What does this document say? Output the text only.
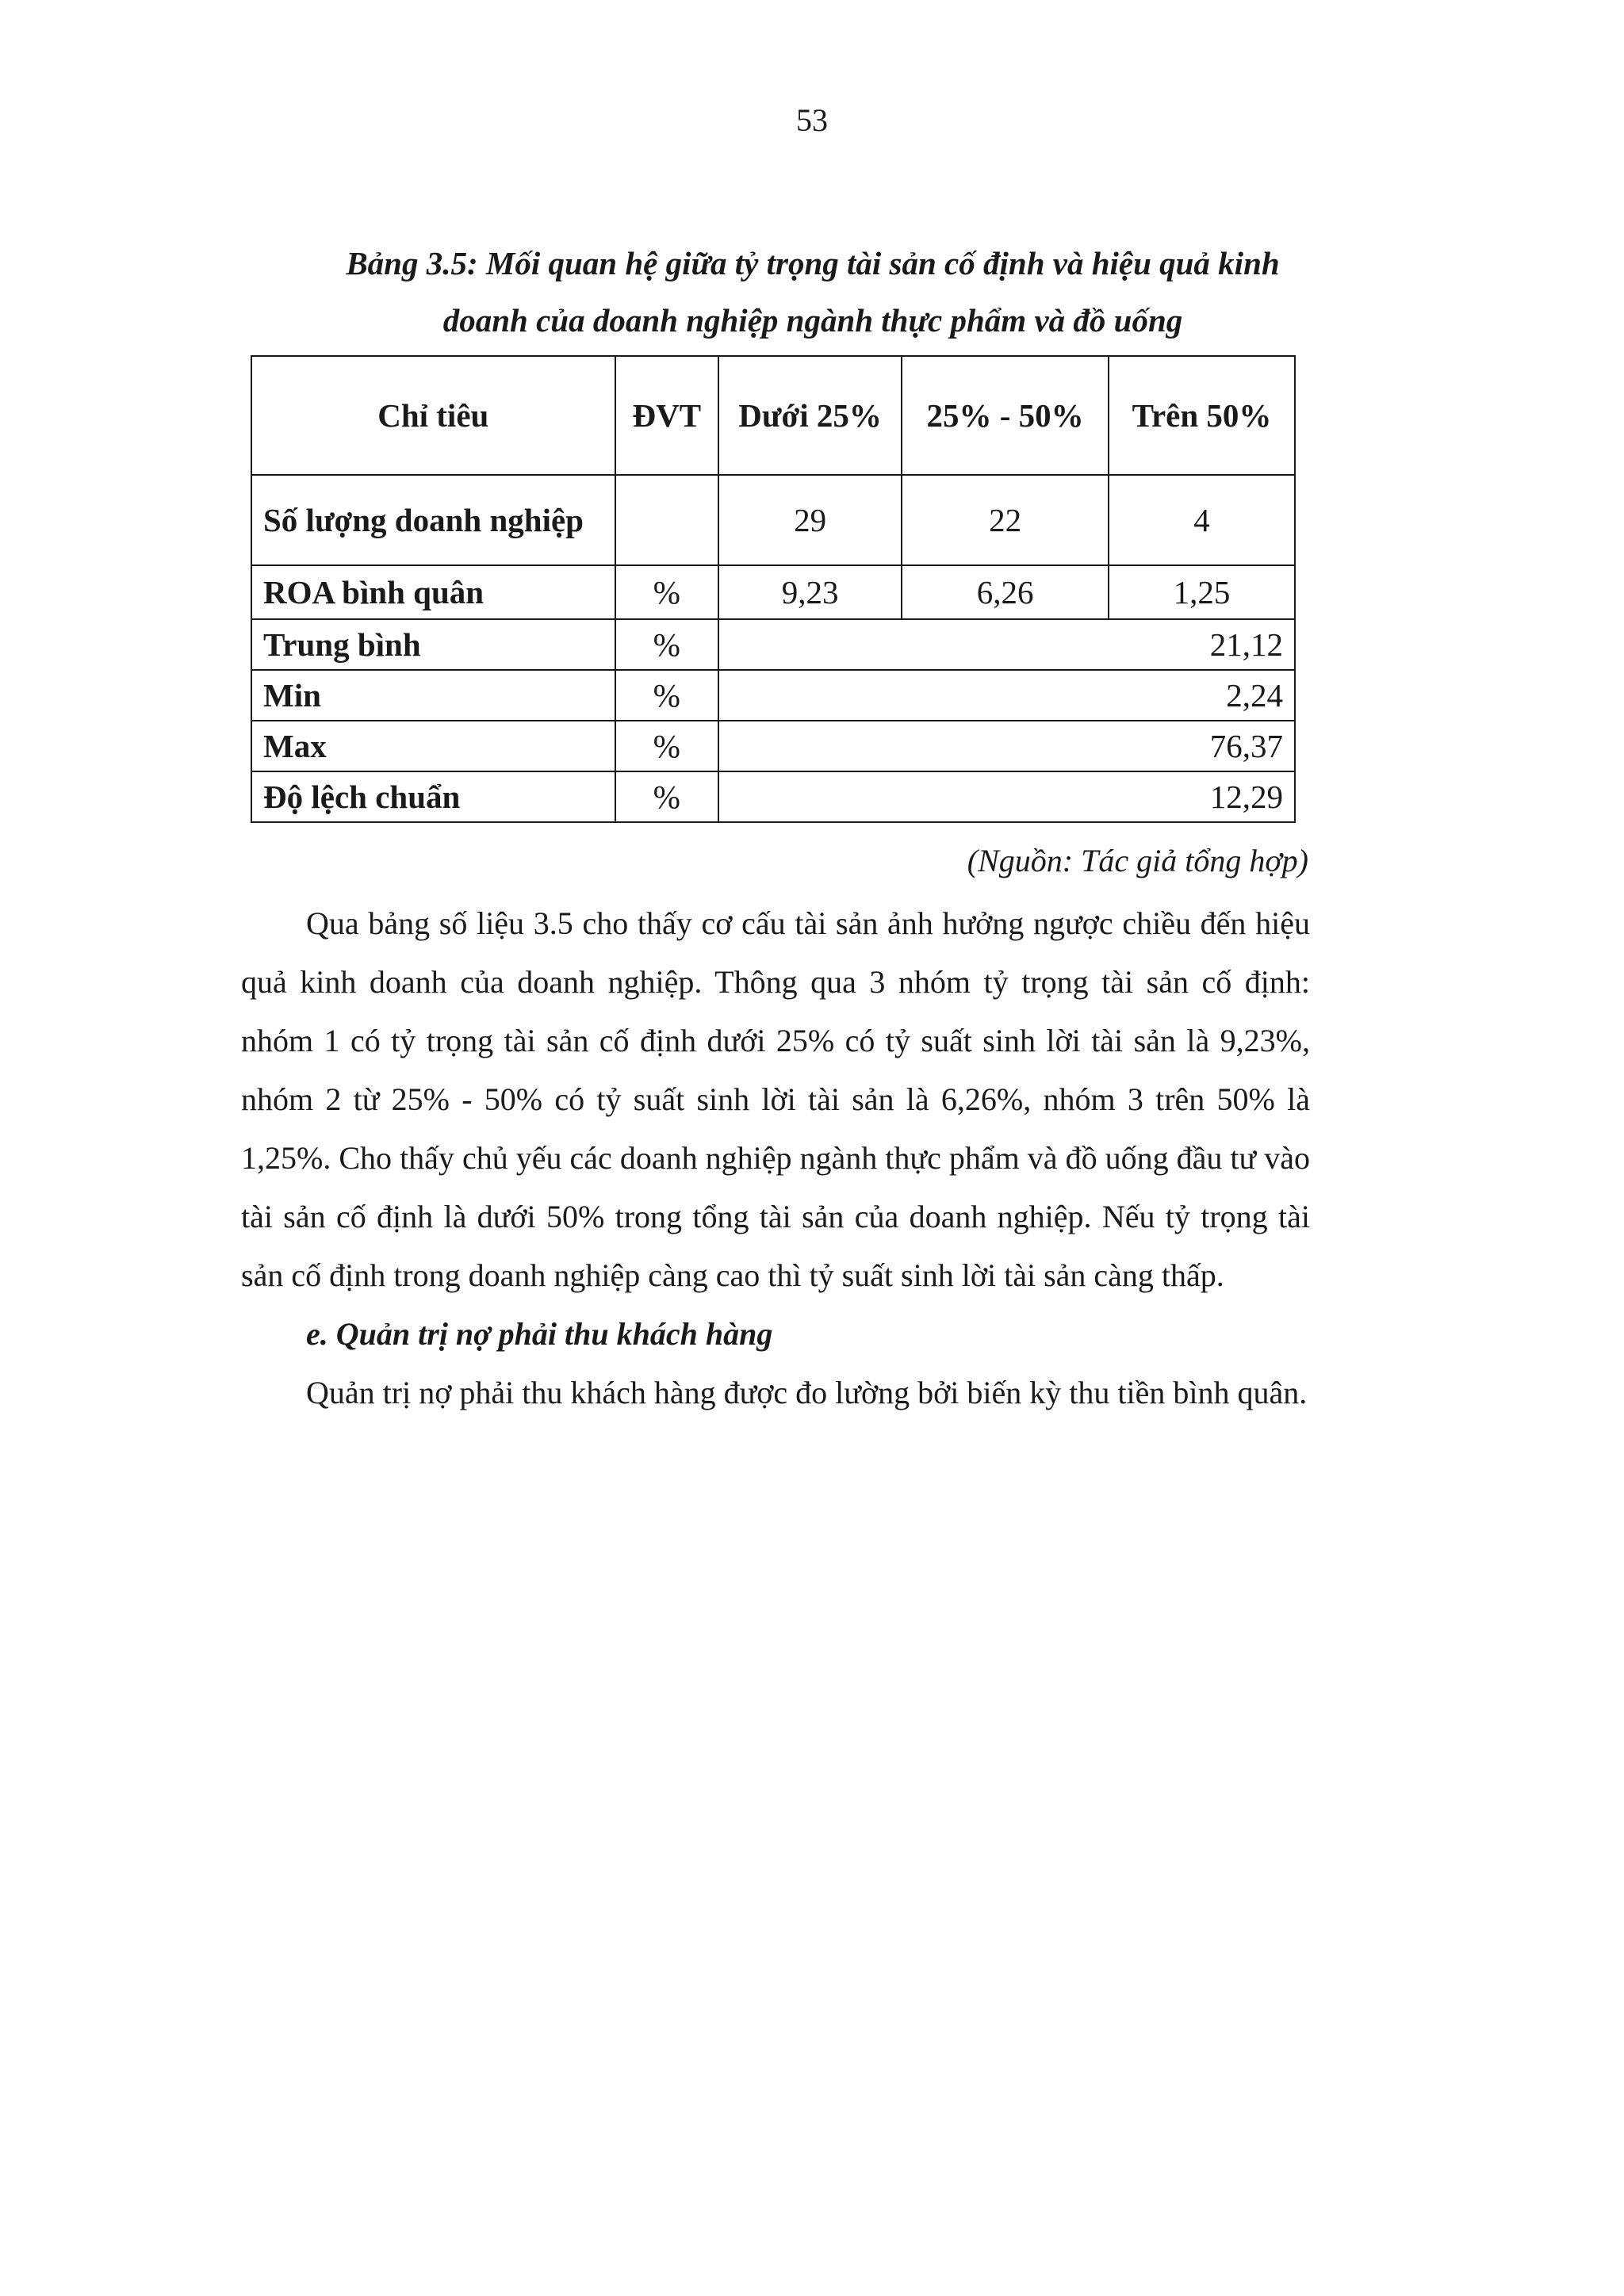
53
Bảng 3.5: Mối quan hệ giữa tỷ trọng tài sản cố định và hiệu quả kinh
doanh của doanh nghiệp ngành thực phẩm và đồ uống
Chỉ tiêu	ĐVT	Dưới 25%	25% - 50%	Trên 50%
Số lượng doanh nghiệp		29	22	4
ROA bình quân	%	9,23	6,26	1,25
Trung bình	%	21,12		
Min	%	2,24		
Max	%	76,37		
Độ lệch chuẩn	%	12,29		
(Nguồn: Tác giả tổng hợp)

Qua bảng số liệu 3.5 cho thấy cơ cấu tài sản ảnh hưởng ngược chiều đến hiệu quả kinh doanh của doanh nghiệp. Thông qua 3 nhóm tỷ trọng tài sản cố định: nhóm 1 có tỷ trọng tài sản cố định dưới 25% có tỷ suất sinh lời tài sản là 9,23%, nhóm 2 từ 25% - 50% có tỷ suất sinh lời tài sản là 6,26%, nhóm 3 trên 50% là 1,25%. Cho thấy chủ yếu các doanh nghiệp ngành thực phẩm và đồ uống đầu tư vào tài sản cố định là dưới 50% trong tổng tài sản của doanh nghiệp. Nếu tỷ trọng tài sản cố định trong doanh nghiệp càng cao thì tỷ suất sinh lời tài sản càng thấp.

e. Quản trị nợ phải thu khách hàng

Quản trị nợ phải thu khách hàng được đo lường bởi biến kỳ thu tiền bình quân.
